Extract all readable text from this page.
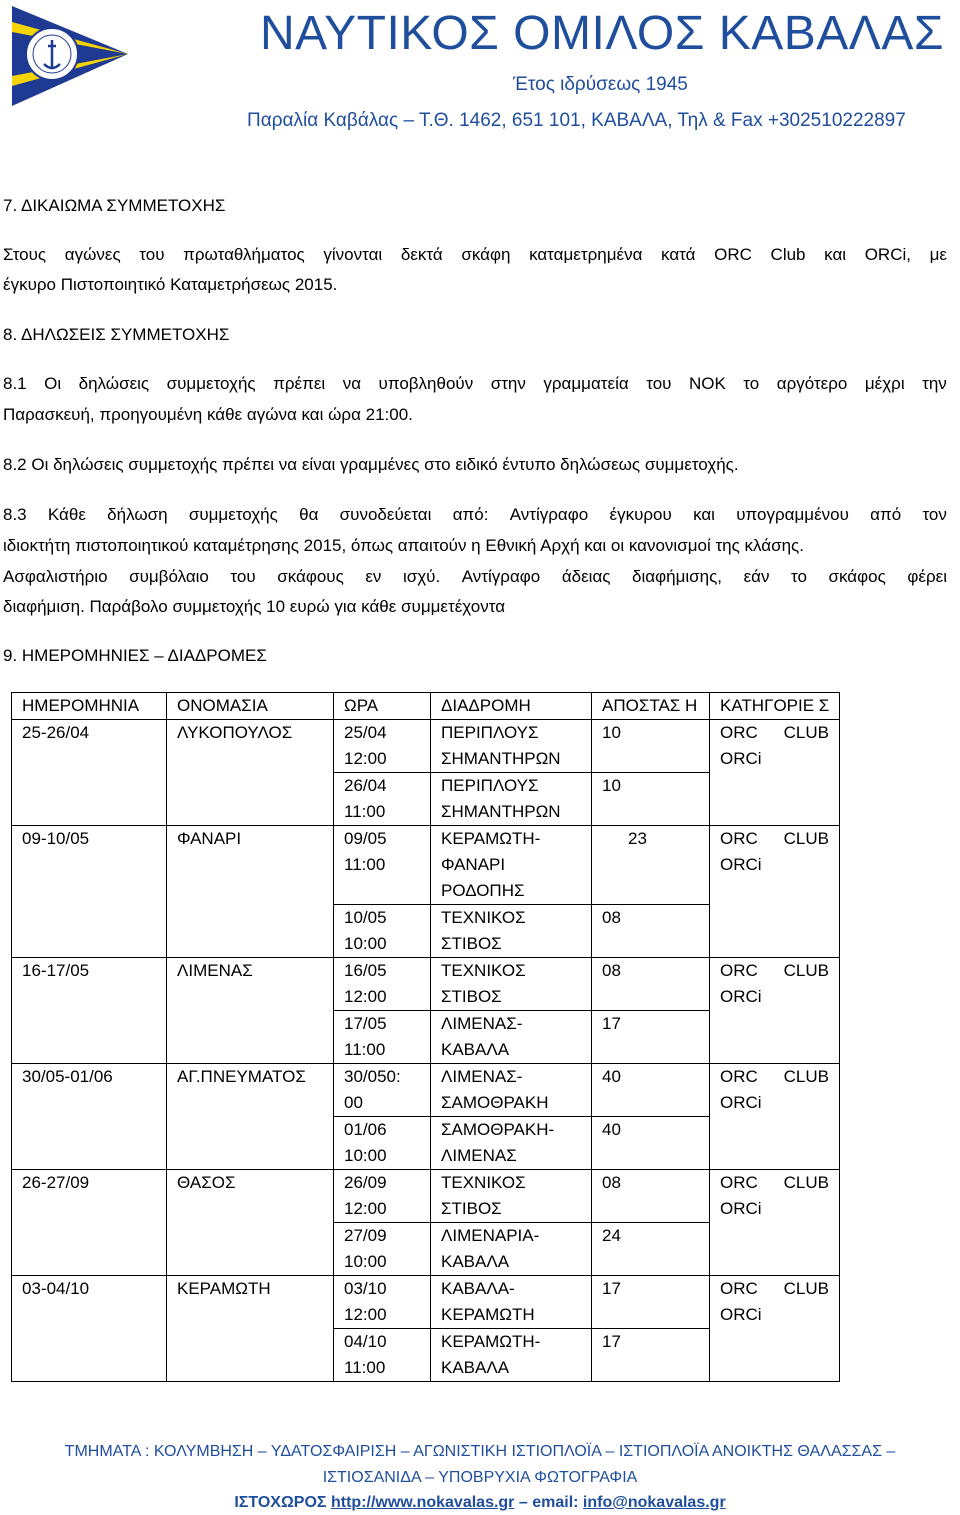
ΝΑΥΤΙΚΟΣ ΟΜΙΛΟΣ ΚΑΒΑΛΑΣ
Έτος ιδρύσεως 1945
Παραλία Καβάλας – Τ.Θ. 1462, 651 101, ΚΑΒΑΛΑ, Τηλ & Fax +302510222897
7. ΔΙΚΑΙΩΜΑ ΣΥΜΜΕΤΟΧΗΣ
Στους αγώνες του πρωταθλήματος γίνονται δεκτά σκάφη καταμετρημένα κατά ORC Club και ORCi, με
έγκυρο Πιστοποιητικό Καταμετρήσεως 2015.
8. ΔΗΛΩΣΕΙΣ ΣΥΜΜΕΤΟΧΗΣ
8.1 Οι δηλώσεις συμμετοχής πρέπει να υποβληθούν στην γραμματεία του ΝΟΚ το αργότερο μέχρι την
Παρασκευή, προηγουμένη κάθε αγώνα και ώρα 21:00.
8.2 Οι δηλώσεις συμμετοχής πρέπει να είναι γραμμένες στο ειδικό έντυπο δηλώσεως συμμετοχής.
8.3 Κάθε δήλωση συμμετοχής θα συνοδεύεται από: Αντίγραφο έγκυρου και υπογραμμένου από τον
ιδιοκτήτη πιστοποιητικού καταμέτρησης 2015, όπως απαιτούν η Εθνική Αρχή και οι κανονισμοί της κλάσης.
Ασφαλιστήριο συμβόλαιο του σκάφους εν ισχύ. Αντίγραφο άδειας διαφήμισης, εάν το σκάφος φέρει
διαφήμιση. Παράβολο συμμετοχής 10 ευρώ για κάθε συμμετέχοντα
9. ΗΜΕΡΟΜΗΝΙΕΣ – ΔΙΑΔΡΟΜΕΣ
ΗΜΕΡΟΜΗΝΙΑ	ΟΝΟΜΑΣΙΑ	ΩΡΑ	ΔΙΑΔΡΟΜΗ	ΑΠΟΣΤΑΣ Η	ΚΑΤΗΓΟΡΙΕ Σ
25-26/04	ΛΥΚΟΠΟΥΛΟΣ	25/04 12:00	ΠΕΡΙΠΛΟΥΣ ΣΗΜΑΝΤΗΡΩΝ	10	ORC CLUB
ORCi

		26/04 11:00	ΠΕΡΙΠΛΟΥΣ ΣΗΜΑΝΤΗΡΩΝ	10	

09-10/05	ΦΑΝΑΡΙ	09/05 11:00	ΚΕΡΑΜΩΤΗ- ΦΑΝΑΡΙ ΡΟΔΟΠΗΣ	23	ORC CLUB
ORCi

		10/05 10:00	ΤΕΧΝΙΚΟΣ ΣΤΙΒΟΣ	08	

16-17/05	ΛΙΜΕΝΑΣ	16/05 12:00	ΤΕΧΝΙΚΟΣ ΣΤΙΒΟΣ	08	ORC CLUB
ORCi

		17/05 11:00	ΛΙΜΕΝΑΣ- ΚΑΒΑΛΑ	17	

30/05-01/06	ΑΓ.ΠΝΕΥΜΑΤΟΣ	30/050: 00	ΛΙΜΕΝΑΣ- ΣΑΜΟΘΡΑΚΗ	40	ORC CLUB
ORCi

		01/06 10:00	ΣΑΜΟΘΡΑΚΗ- ΛΙΜΕΝΑΣ	40	

26-27/09	ΘΑΣΟΣ	26/09 12:00	ΤΕΧΝΙΚΟΣ ΣΤΙΒΟΣ	08	ORC CLUB
ORCi

		27/09 10:00	ΛΙΜΕΝΑΡΙΑ- ΚΑΒΑΛΑ	24	

03-04/10	ΚΕΡΑΜΩΤΗ	03/10 12:00	ΚΑΒΑΛΑ- ΚΕΡΑΜΩΤΗ	17	ORC CLUB
ORCi

		04/10 11:00	ΚΕΡΑΜΩΤΗ- ΚΑΒΑΛΑ	17	
ΤΜΗΜΑΤΑ : ΚΟΛΥΜΒΗΣΗ – ΥΔΑΤΟΣΦΑΙΡΙΣΗ – ΑΓΩΝΙΣΤΙΚΗ ΙΣΤΙΟΠΛΟΪΑ – ΙΣΤΙΟΠΛΟΪΑ ΑΝΟΙΚΤΗΣ ΘΑΛΑΣΣΑΣ –
ΙΣΤΙΟΣΑΝΙΔΑ – ΥΠΟΒΡΥΧΙΑ ΦΩΤΟΓΡΑΦΙΑ
ΙΣΤΟΧΩΡΟΣ http://www.nokavalas.gr – email: info@nokavalas.gr
